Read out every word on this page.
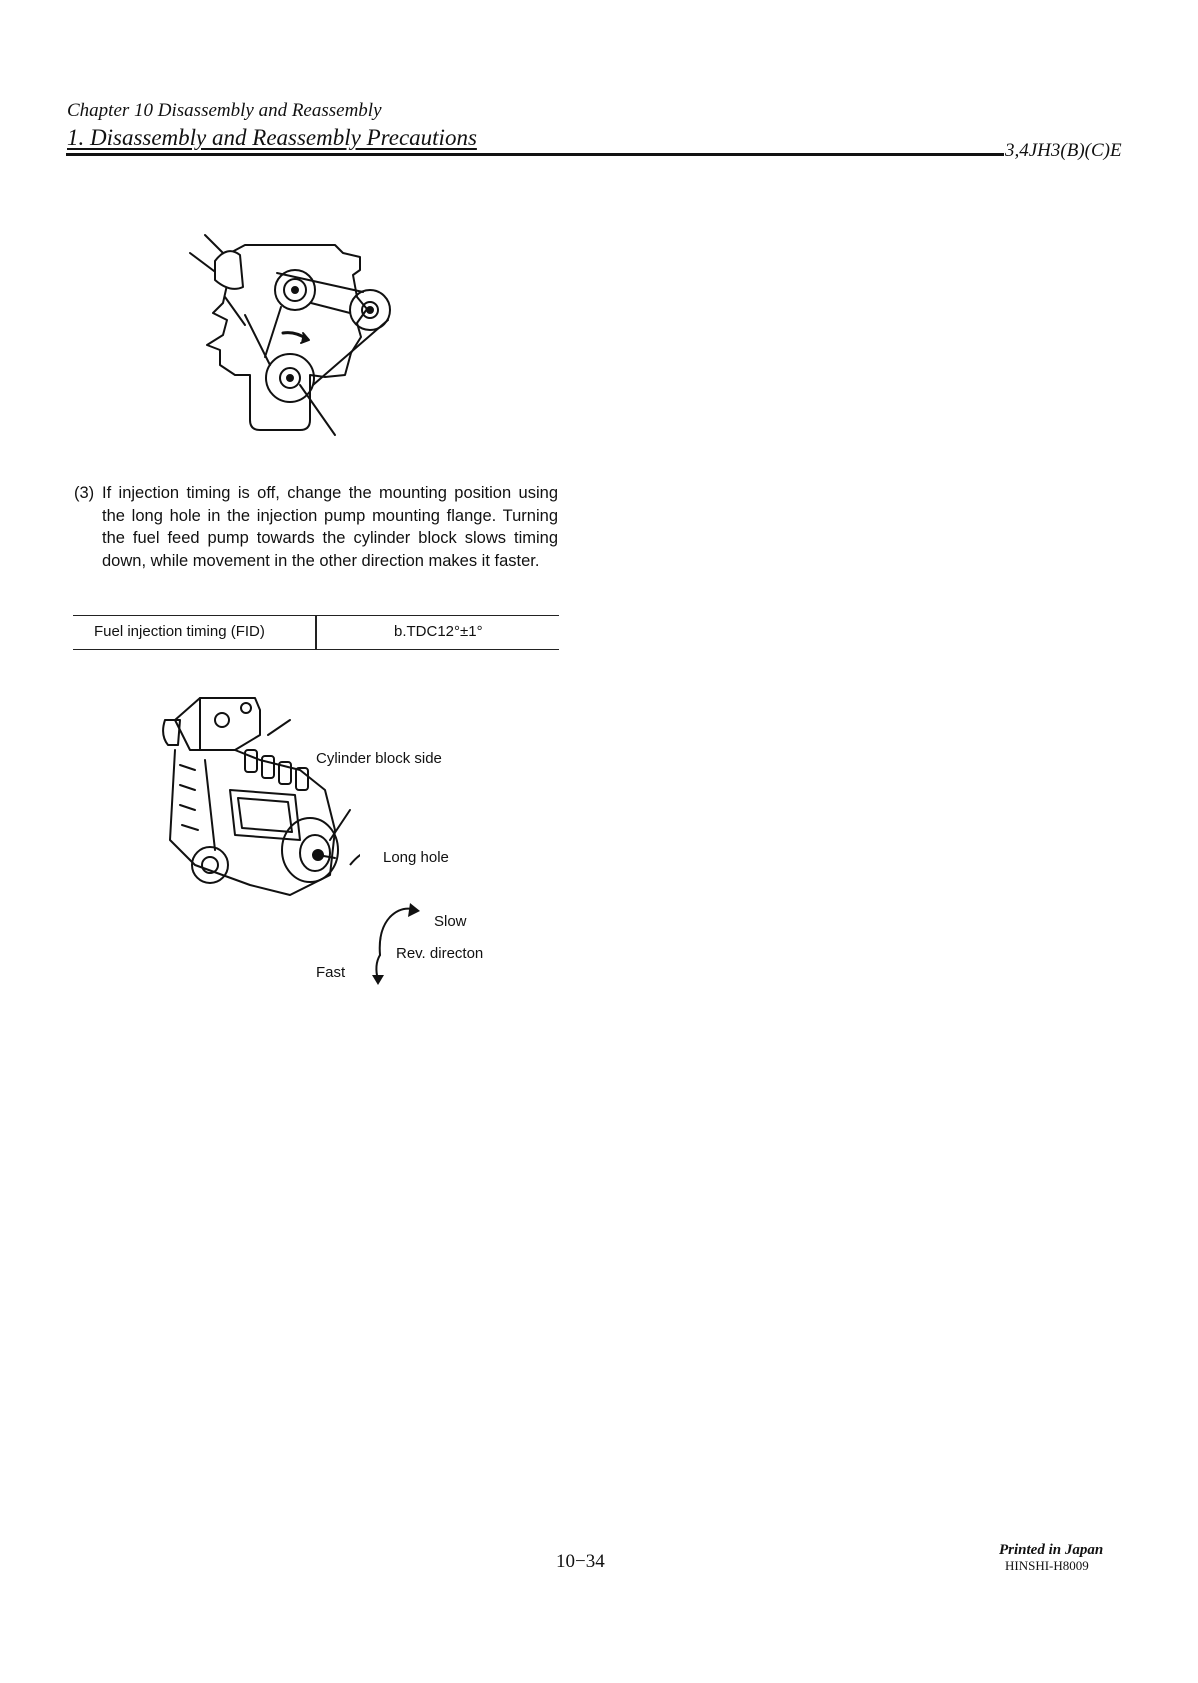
Chapter 10 Disassembly and Reassembly
1. Disassembly and Reassembly Precautions
3,4JH3(B)(C)E
(3) If injection timing is off, change the mounting position using the long hole in the injection pump mounting flange. Turning the fuel feed pump towards the cylinder block slows timing down, while movement in the other direction makes it faster.
Fuel injection timing (FID)	b.TDC12°±1°
Cylinder block side
Long hole
Slow
Rev. directon
Fast
10−34
Printed in Japan
HINSHI-H8009
